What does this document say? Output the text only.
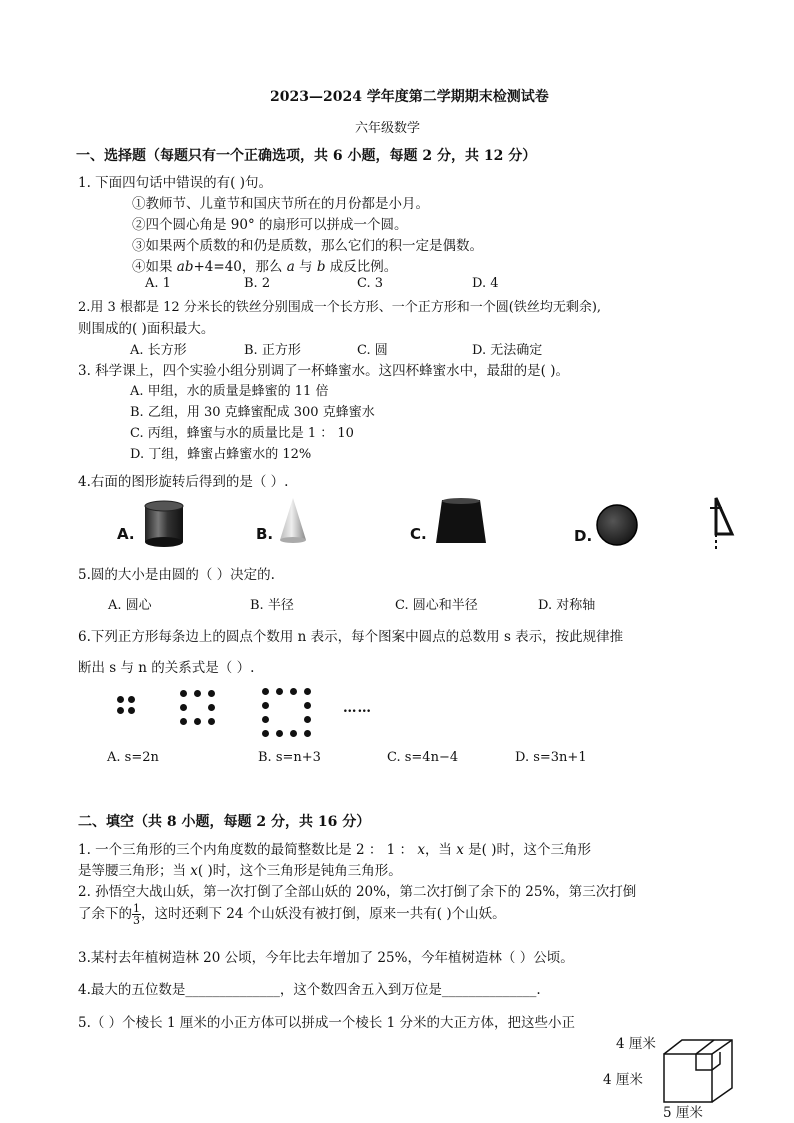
2023—2024 学年度第二学期期末检测试卷
六年级数学
一、选择题（每题只有一个正确选项，共 6 小题，每题 2 分，共 12 分）
1. 下面四句话中错误的有( )句。
①教师节、儿童节和国庆节所在的月份都是小月。
②四个圆心角是 90° 的扇形可以拼成一个圆。
③如果两个质数的和仍是质数，那么它们的积一定是偶数。
④如果 ab+4=40，那么 a 与 b 成反比例。
A. 1	B. 2	C. 3	D. 4
2.用 3 根都是 12 分米长的铁丝分别围成一个长方形、一个正方形和一个圆(铁丝均无剩余),
则围成的( )面积最大。
A. 长方形	B. 正方形	C. 圆	D. 无法确定
3. 科学课上，四个实验小组分别调了一杯蜂蜜水。这四杯蜂蜜水中，最甜的是( )。
A. 甲组，水的质量是蜂蜜的 11 倍
B. 乙组，用 30 克蜂蜜配成 300 克蜂蜜水
C. 丙组，蜂蜜与水的质量比是 1 ： 10
D. 丁组，蜂蜜占蜂蜜水的 12%
4.右面的图形旋转后得到的是（ ）.
A.	B.	C.	D.
5.圆的大小是由圆的（ ）决定的.
A. 圆心	B. 半径	C. 圆心和半径	D. 对称轴
6.下列正方形每条边上的圆点个数用 n 表示，每个图案中圆点的总数用 s 表示，按此规律推
断出 s 与 n 的关系式是（ ）.
……
A. s=2n	B. s=n+3	C. s=4n−4	D. s=3n+1
二、填空（共 8 小题，每题 2 分，共 16 分）
1. 一个三角形的三个内角度数的最简整数比是 2 ： 1 ： x，当 x 是( )时，这个三角形
是等腰三角形；当 x( )时，这个三角形是钝角三角形。
2. 孙悟空大战山妖，第一次打倒了全部山妖的 20%，第二次打倒了余下的 25%，第三次打倒
了余下的 $\frac{1}{3}$ ，这时还剩下 24 个山妖没有被打倒，原来一共有( )个山妖。
3.某村去年植树造林 20 公顷，今年比去年增加了 25%，今年植树造林（ ）公顷。
4.最大的五位数是______________，这个数四舍五入到万位是______________.
5.（ ）个棱长 1 厘米的小正方体可以拼成一个棱长 1 分米的大正方体，把这些小正
4 厘米
4 厘米
5 厘米
